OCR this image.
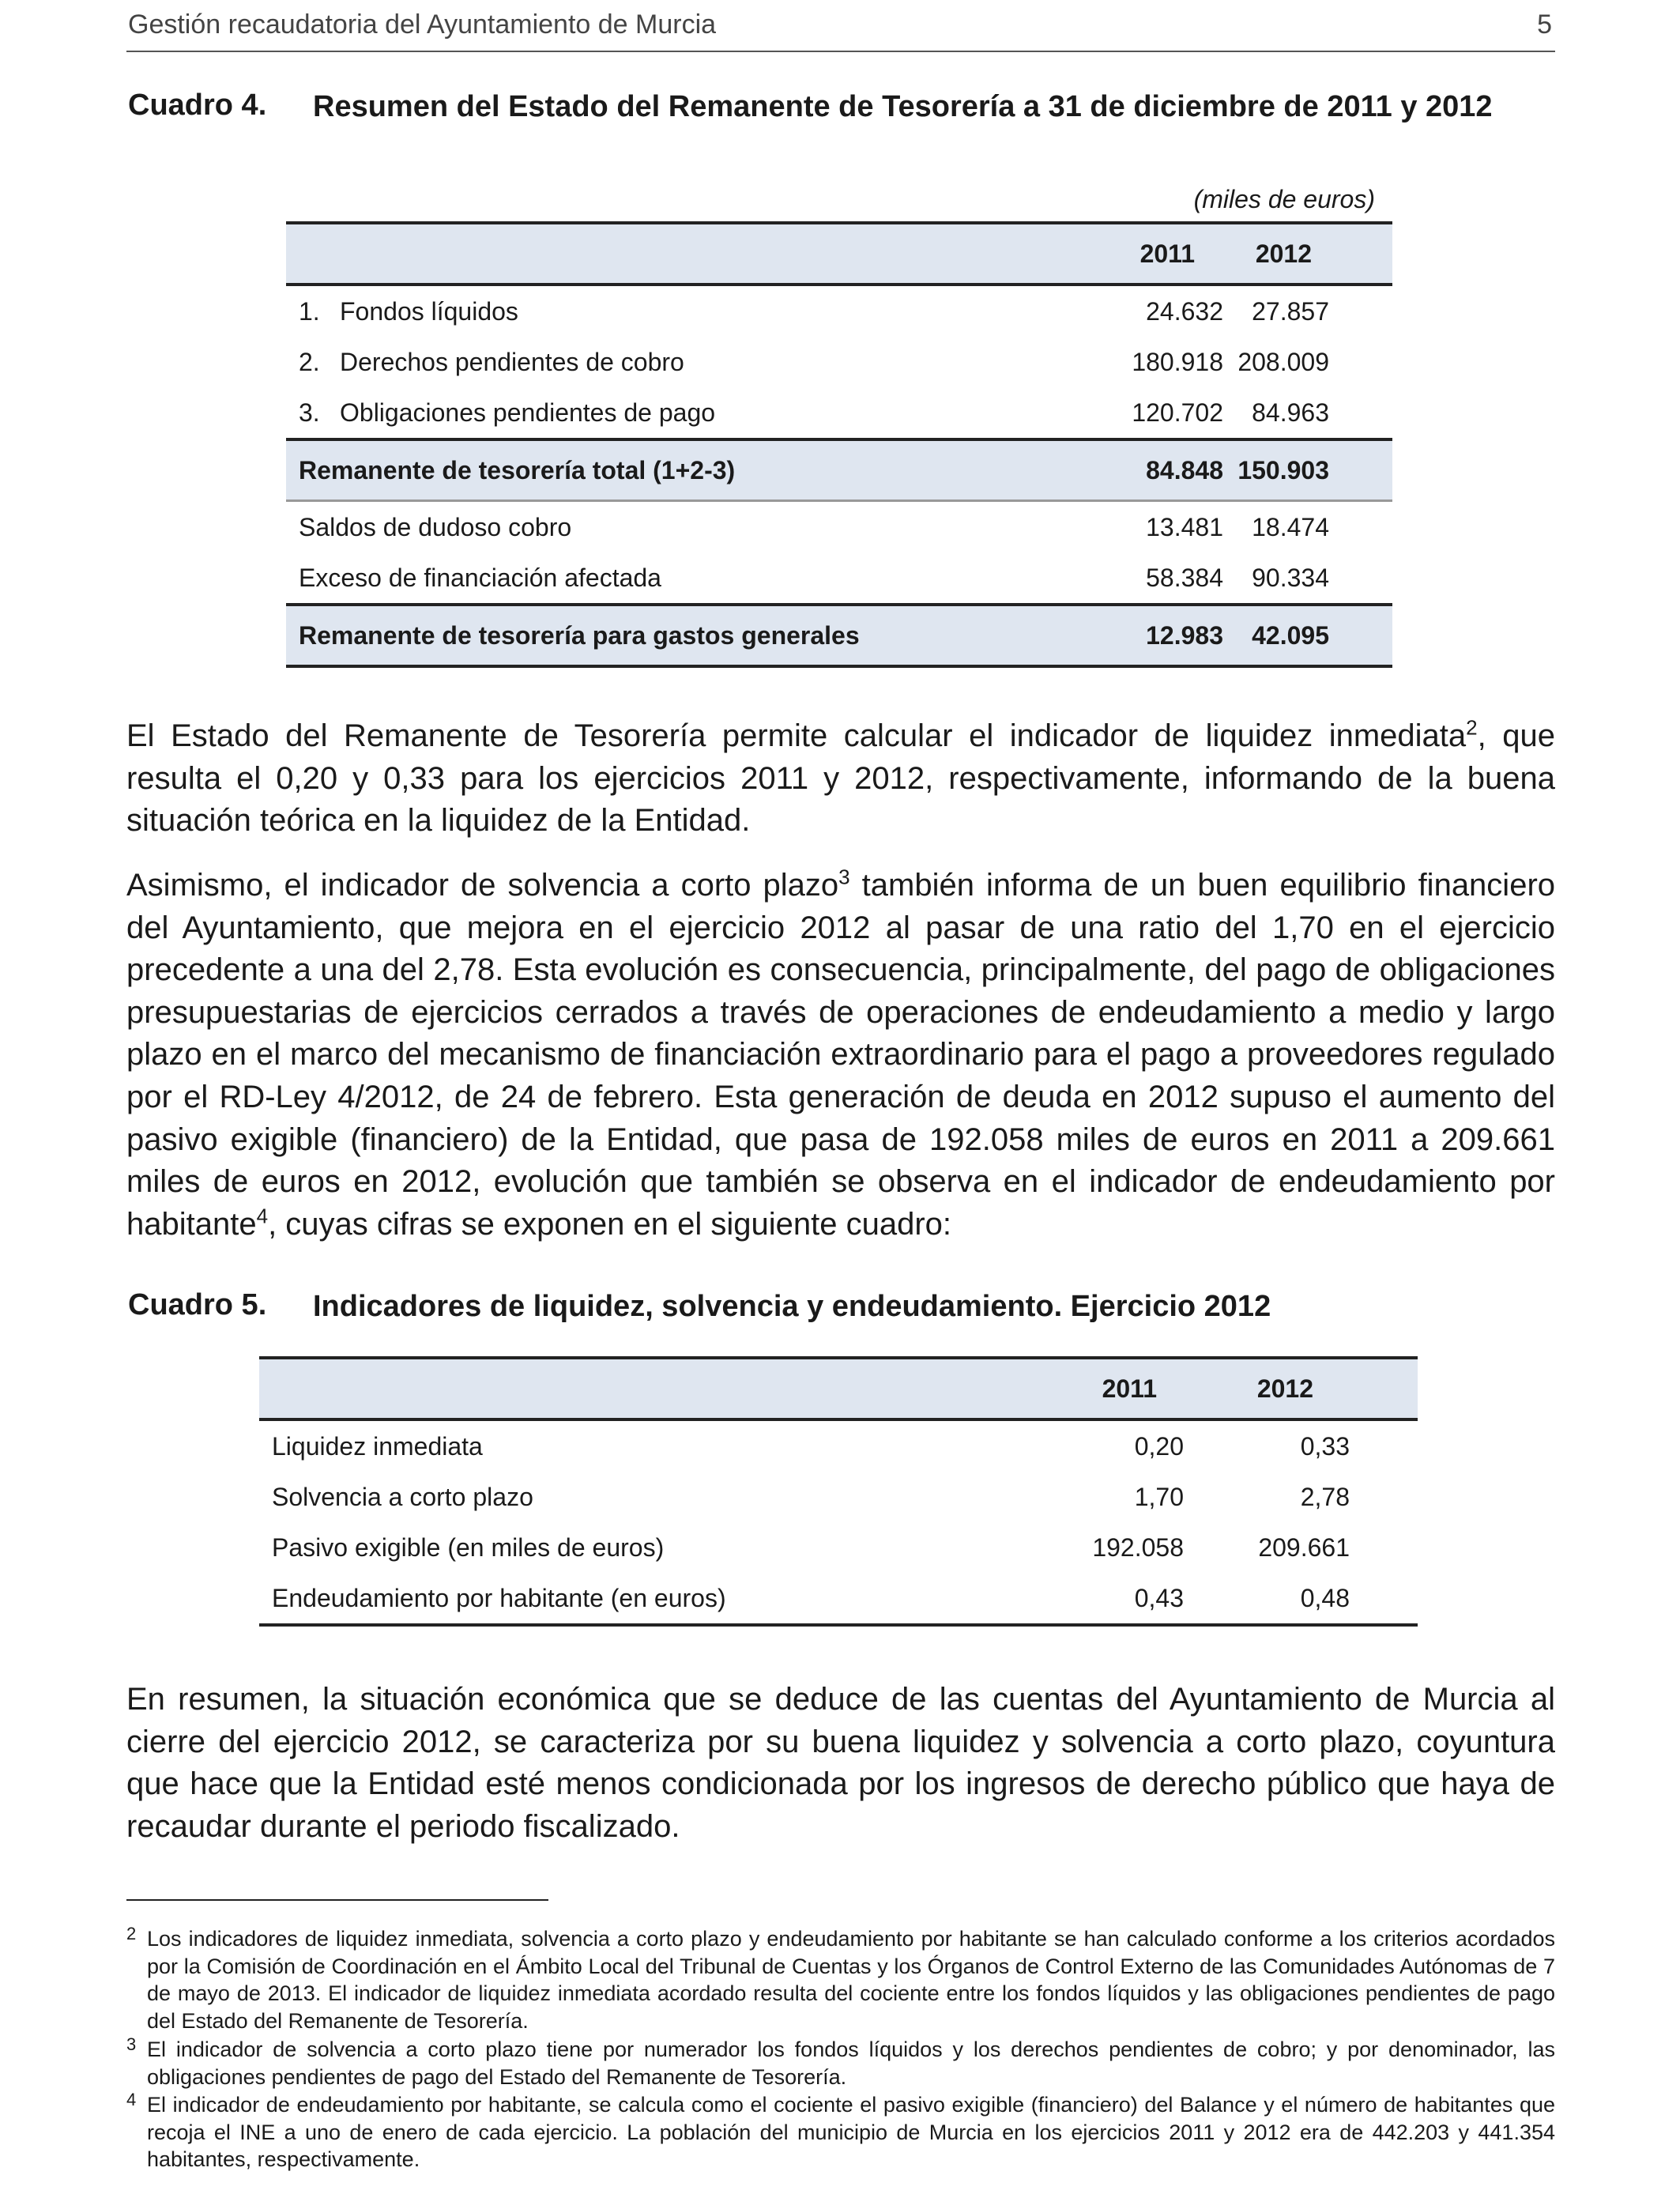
Gestión recaudatoria del Ayuntamiento de Murcia	5
Cuadro 4. Resumen del Estado del Remanente de Tesorería a 31 de diciembre de 2011 y 2012
(miles de euros)
				2011	2012
	1.	Fondos líquidos		24.632	27.857
	2.	Derechos pendientes de cobro		180.918	208.009
	3.	Obligaciones pendientes de pago		120.702	84.963
	Remanente de tesorería total (1+2-3)			84.848	150.903
	Saldos de dudoso cobro			13.481	18.474
	Exceso de financiación afectada			58.384	90.334
	Remanente de tesorería para gastos generales			12.983	42.095

El Estado del Remanente de Tesorería permite calcular el indicador de liquidez inmediata$^2$, que resulta el 0,20 y 0,33 para los ejercicios 2011 y 2012, respectivamente, informando de la buena situación teórica en la liquidez de la Entidad.

Asimismo, el indicador de solvencia a corto plazo$^3$ también informa de un buen equilibrio financiero del Ayuntamiento, que mejora en el ejercicio 2012 al pasar de una ratio del 1,70 en el ejercicio precedente a una del 2,78. Esta evolución es consecuencia, principalmente, del pago de obligaciones presupuestarias de ejercicios cerrados a través de operaciones de endeudamiento a medio y largo plazo en el marco del mecanismo de financiación extraordinario para el pago a proveedores regulado por el RD-Ley 4/2012, de 24 de febrero. Esta generación de deuda en 2012 supuso el aumento del pasivo exigible (financiero) de la Entidad, que pasa de 192.058 miles de euros en 2011 a 209.661 miles de euros en 2012, evolución que también se observa en el indicador de endeudamiento por habitante$^4$, cuyas cifras se exponen en el siguiente cuadro:

Cuadro 5. Indicadores de liquidez, solvencia y endeudamiento. Ejercicio 2012
		2011	2012
	Liquidez inmediata	0,20	0,33
	Solvencia a corto plazo	1,70	2,78
	Pasivo exigible (en miles de euros)	192.058	209.661
	Endeudamiento por habitante (en euros)	0,43	0,48

En resumen, la situación económica que se deduce de las cuentas del Ayuntamiento de Murcia al cierre del ejercicio 2012, se caracteriza por su buena liquidez y solvencia a corto plazo, coyuntura que hace que la Entidad esté menos condicionada por los ingresos de derecho público que haya de recaudar durante el periodo fiscalizado.

2 Los indicadores de liquidez inmediata, solvencia a corto plazo y endeudamiento por habitante se han calculado conforme a los criterios acordados por la Comisión de Coordinación en el Ámbito Local del Tribunal de Cuentas y los Órganos de Control Externo de las Comunidades Autónomas de 7 de mayo de 2013. El indicador de liquidez inmediata acordado resulta del cociente entre los fondos líquidos y las obligaciones pendientes de pago del Estado del Remanente de Tesorería.
3 El indicador de solvencia a corto plazo tiene por numerador los fondos líquidos y los derechos pendientes de cobro; y por denominador, las obligaciones pendientes de pago del Estado del Remanente de Tesorería.
4 El indicador de endeudamiento por habitante, se calcula como el cociente el pasivo exigible (financiero) del Balance y el número de habitantes que recoja el INE a uno de enero de cada ejercicio. La población del municipio de Murcia en los ejercicios 2011 y 2012 era de 442.203 y 441.354 habitantes, respectivamente.
